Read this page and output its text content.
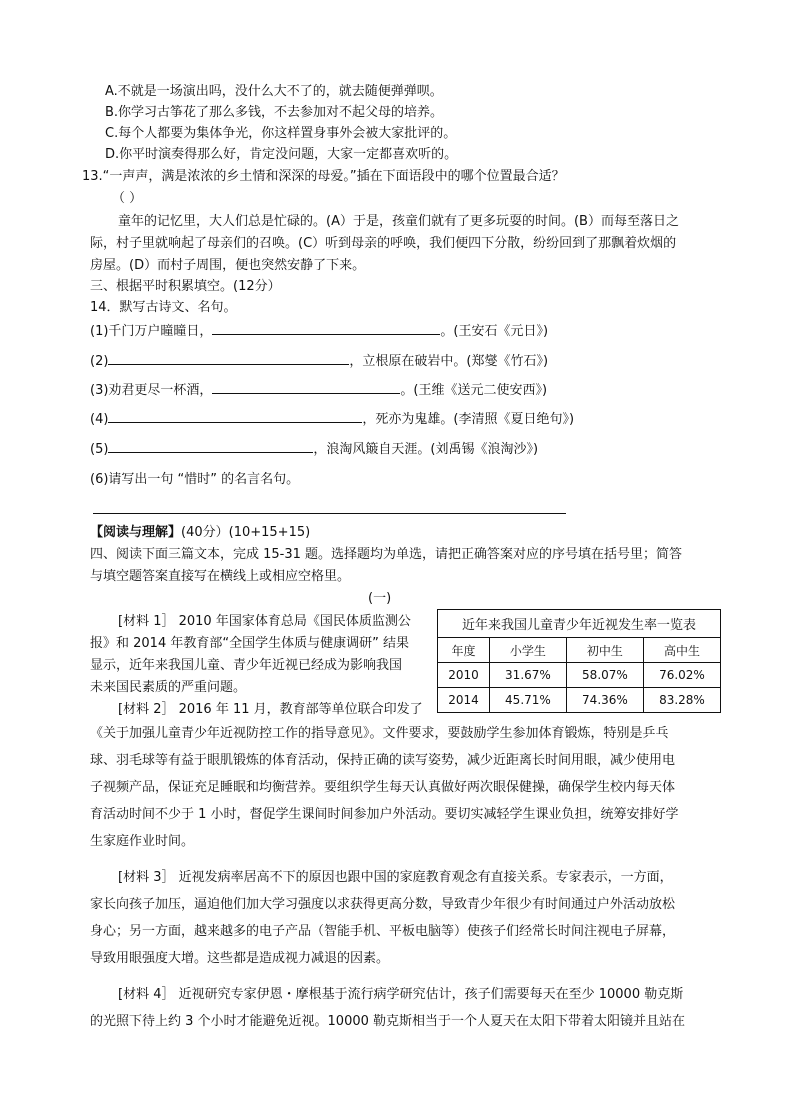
A.不就是一场演出吗，没什么大不了的，就去随便弹弹呗。
B.你学习古筝花了那么多钱，不去参加对不起父母的培养。
C.每个人都要为集体争光，你这样置身事外会被大家批评的。
D.你平时演奏得那么好，肯定没问题，大家一定都喜欢听的。
13.“一声声，满是浓浓的乡土情和深深的母爱。”插在下面语段中的哪个位置最合适？
（ ）
童年的记忆里，大人们总是忙碌的。(A）于是，孩童们就有了更多玩耍的时间。(B）而每至落日之
际，村子里就响起了母亲们的召唤。(C）听到母亲的呼唤，我们便四下分散，纷纷回到了那飘着炊烟的
房屋。(D）而村子周围，便也突然安静了下来。
三、根据平时积累填空。(12分）
14．默写古诗文、名句。
(1)千门万户曈曈日，	。(王安石《元日》)
(2)	，立根原在破岩中。(郑燮《竹石》)
(3)劝君更尽一杯酒，	。(王维《送元二使安西》)
(4)	，死亦为鬼雄。(李清照《夏日绝句》)
(5)	，浪淘风簸自天涯。(刘禹锡《浪淘沙》)
(6)请写出一句 “惜时” 的名言名句。
【阅读与理解】(40分）(10+15+15)
四、阅读下面三篇文本，完成 15-31 题。选择题均为单选，请把正确答案对应的序号填在括号里；简答
与填空题答案直接写在横线上或相应空格里。
(一)
[材料 1］ 2010 年国家体育总局《国民体质监测公
报》和 2014 年教育部“全国学生体质与健康调研” 结果
显示，近年来我国儿童、青少年近视已经成为影响我国
未来国民素质的严重问题。
[材料 2］ 2016 年 11 月，教育部等单位联合印发了
《关于加强儿童青少年近视防控工作的指导意见》。文件要求，要鼓励学生参加体育锻炼，特别是乒乓
球、羽毛球等有益于眼肌锻炼的体育活动，保持正确的读写姿势，减少近距离长时间用眼，减少使用电
子视频产品，保证充足睡眠和均衡营养。要组织学生每天认真做好两次眼保健操，确保学生校内每天体
育活动时间不少于 1 小时，督促学生课间时间参加户外活动。要切实减轻学生课业负担，统筹安排好学
生家庭作业时间。
[材料 3］ 近视发病率居高不下的原因也跟中国的家庭教育观念有直接关系。专家表示，一方面，
家长向孩子加压，逼迫他们加大学习强度以求获得更高分数，导致青少年很少有时间通过户外活动放松
身心；另一方面，越来越多的电子产品（智能手机、平板电脑等）使孩子们经常长时间注视电子屏幕，
导致用眼强度大增。这些都是造成视力减退的因素。
[材料 4］ 近视研究专家伊恩・摩根基于流行病学研究估计，孩子们需要每天在至少 10000 勒克斯
的光照下待上约 3 个小时才能避免近视。10000 勒克斯相当于一个人夏天在太阳下带着太阳镜并且站在
近年来我国儿童青少年近视发生率一览表			
年度	小学生	初中生	高中生
2010	31.67%	58.07%	76.02%
2014	45.71%	74.36%	83.28%
